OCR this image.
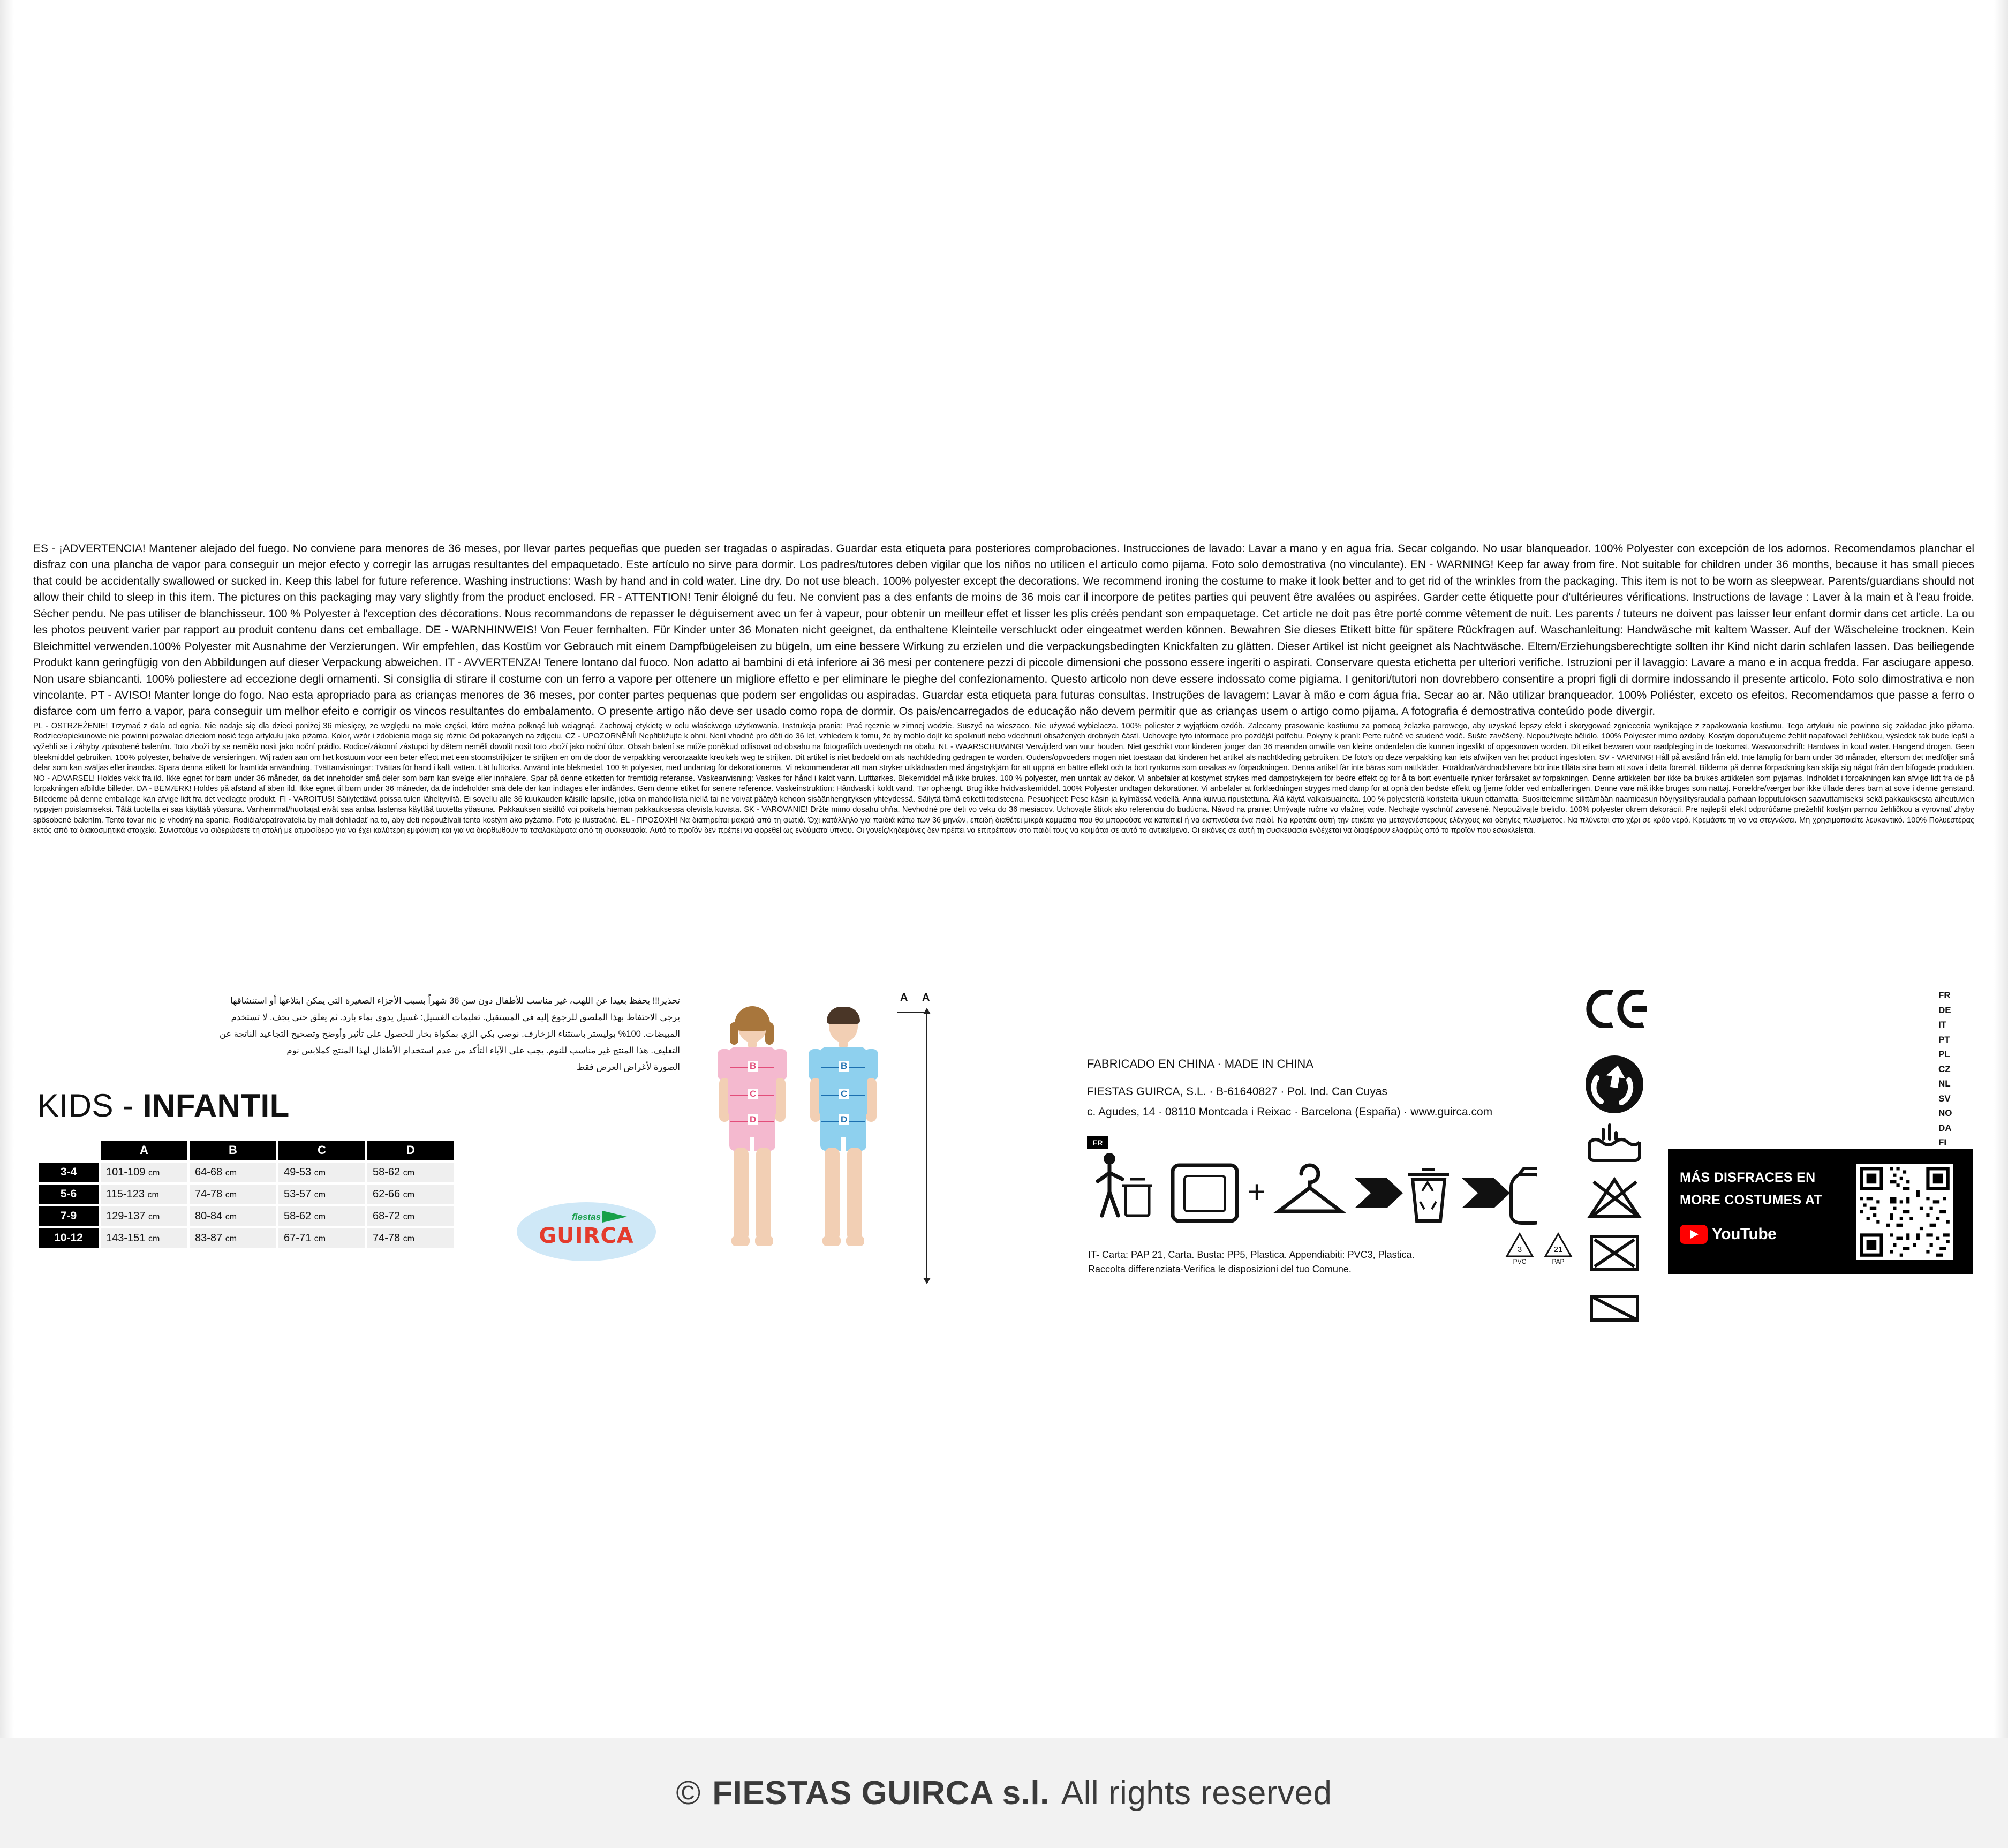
ES - ¡ADVERTENCIA! Mantener alejado del fuego. No conviene para menores de 36 meses, por llevar partes pequeñas que pueden ser tragadas o aspiradas. Guardar esta etiqueta para posteriores comprobaciones. Instrucciones de lavado: Lavar a mano y en agua fría. Secar colgando. No usar blanqueador. 100% Polyester con excepción de los adornos. Recomendamos planchar el disfraz con una plancha de vapor para conseguir un mejor efecto y corregir las arrugas resultantes del empaquetado. Este artículo no sirve para dormir. Los padres/tutores deben vigilar que los niños no utilicen el artículo como pijama. Foto solo demostrativa (no vinculante). EN - WARNING! Keep far away from fire. Not suitable for children under 36 months, because it has small pieces that could be accidentally swallowed or sucked in. Keep this label for future reference. Washing instructions: Wash by hand and in cold water. Line dry. Do not use bleach. 100% polyester except the decorations. We recommend ironing the costume to make it look better and to get rid of the wrinkles from the packaging. This item is not to be worn as sleepwear. Parents/guardians should not allow their child to sleep in this item. The pictures on this packaging may vary slightly from the product enclosed. FR - ATTENTION! Tenir éloigné du feu. Ne convient pas a des enfants de moins de 36 mois car il incorpore de petites parties qui peuvent être avalées ou aspirées. Garder cette étiquette pour d'ultérieures vérifications. Instructions de lavage : Laver à la main et à l'eau froide. Sécher pendu. Ne pas utiliser de blanchisseur. 100 % Polyester à l'exception des décorations. Nous recommandons de repasser le déguisement avec un fer à vapeur, pour obtenir un meilleur effet et lisser les plis créés pendant son empaquetage. Cet article ne doit pas être porté comme vêtement de nuit. Les parents / tuteurs ne doivent pas laisser leur enfant dormir dans cet article. La ou les photos peuvent varier par rapport au produit contenu dans cet emballage. DE - WARNHINWEIS! Von Feuer fernhalten. Für Kinder unter 36 Monaten nicht geeignet, da enthaltene Kleinteile verschluckt oder eingeatmet werden können. Bewahren Sie dieses Etikett bitte für spätere Rückfragen auf. Waschanleitung: Handwäsche mit kaltem Wasser. Auf der Wäscheleine trocknen. Kein Bleichmittel verwenden.100% Polyester mit Ausnahme der Verzierungen. Wir empfehlen, das Kostüm vor Gebrauch mit einem Dampfbügeleisen zu bügeln, um eine bessere Wirkung zu erzielen und die verpackungsbedingten Knickfalten zu glätten. Dieser Artikel ist nicht geeignet als Nachtwäsche. Eltern/Erziehungsberechtigte sollten ihr Kind nicht darin schlafen lassen. Das beiliegende Produkt kann geringfügig von den Abbildungen auf dieser Verpackung abweichen. IT - AVVERTENZA! Tenere lontano dal fuoco. Non adatto ai bambini di età inferiore ai 36 mesi per contenere pezzi di piccole dimensioni che possono essere ingeriti o aspirati. Conservare questa etichetta per ulteriori verifiche. Istruzioni per il lavaggio: Lavare a mano e in acqua fredda. Far asciugare appeso. Non usare sbiancanti. 100% poliestere ad eccezione degli ornamenti. Si consiglia di stirare il costume con un ferro a vapore per ottenere un migliore effetto e per eliminare le pieghe del confezionamento. Questo articolo non deve essere indossato come pigiama. I genitori/tutori non dovrebbero consentire a propri figli di dormire indossando il presente articolo. Foto solo dimostrativa e non vincolante. PT - AVISO! Manter longe do fogo. Nao esta apropriado para as crianças menores de 36 meses, por conter partes pequenas que podem ser engolidas ou aspiradas. Guardar esta etiqueta para futuras consultas. Instruções de lavagem: Lavar à mão e com água fria. Secar ao ar. Não utilizar branqueador. 100% Poliéster, exceto os efeitos. Recomendamos que passe a ferro o disfarce com um ferro a vapor, para conseguir um melhor efeito e corrigir os vincos resultantes do embalamento. O presente artigo não deve ser usado como ropa de dormir. Os pais/encarregados de educação não devem permitir que as crianças usem o artigo como pijama. A fotografia é demostrativa conteúdo pode divergir.

PL - OSTRZEŻENIE! Trzymać z dala od ognia. Nie nadaje się dla dzieci poniżej 36 miesięcy, ze względu na małe części, które można połknąć lub wciągnąć. Zachowaj etykietę w celu właściwego użytkowania. Instrukcja prania: Prać ręcznie w zimnej wodzie. Suszyć na wieszaco. Nie używać wybielacza. 100% poliester z wyjątkiem ozdób. Zalecamy prasowanie kostiumu za pomocą żelazka parowego, aby uzyskać lepszy efekt i skorygować zgniecenia wynikające z zapakowania kostiumu. Tego artykułu nie powinno się zakładac jako piżama. Rodzice/opiekunowie nie powinni pozwalac dzieciom nosić tego artykułu jako piżama. Kolor, wzór i zdobienia moga się różnic Od pokazanych na zdjęciu. CZ - UPOZORNĚNÍ! Nepřibližujte k ohni. Není vhodné pro děti do 36 let, vzhledem k tomu, že by mohlo dojít ke spolknutí nebo vdechnutí obsažených drobných částí. Uchovejte tyto informace pro pozdější potřebu. Pokyny k praní: Perte ručně ve studené vodě. Sušte zavěšený. Nepoužívejte bělidlo. 100% Polyester mimo ozdoby. Kostým doporučujeme žehlit napařovací žehličkou, výsledek tak bude lepší a vyžehlí se i záhyby způsobené balením. Toto zboží by se nemělo nosit jako noční prádlo. Rodice/zákonní zástupci by dětem neměli dovolit nosit toto zboží jako noční úbor. Obsah balení se může poněkud odlisovat od obsahu na fotografiích uvedenych na obalu. NL - WAARSCHUWING! Verwijderd van vuur houden. Niet geschikt voor kinderen jonger dan 36 maanden omwille van kleine onderdelen die kunnen ingeslikt of opgesnoven worden. Dit etiket bewaren voor raadpleging in de toekomst. Wasvoorschrift: Handwas in koud water. Hangend drogen. Geen bleekmiddel gebruiken. 100% polyester, behalve de versieringen. Wij raden aan om het kostuum voor een beter effect met een stoomstrijkijzer te strijken en om de door de verpakking veroorzaakte kreukels weg te strijken. Dit artikel is niet bedoeld om als nachtkleding gedragen te worden. Ouders/opvoeders mogen niet toestaan dat kinderen het artikel als nachtkleding gebruiken. De foto's op deze verpakking kan iets afwijken van het product ingesloten. SV - VARNING! Håll på avstånd från eld. Inte lämplig för barn under 36 månader, eftersom det medföljer små delar som kan sväljas eller inandas. Spara denna etikett för framtida användning. Tvättanvisningar: Tvättas för hand i kallt vatten. Låt lufttorka. Använd inte blekmedel. 100 % polyester, med undantag för dekorationerna. Vi rekommenderar att man stryker utklädnaden med ångstrykjärn för att uppnå en bättre effekt och ta bort rynkorna som orsakas av förpackningen. Denna artikel får inte bäras som nattkläder. Föräldrar/värdnadshavare bör inte tillåta sina barn att sova i detta föremål. Bilderna på denna förpackning kan skilja sig något från den bifogade produkten. NO - ADVARSEL! Holdes vekk fra ild. Ikke egnet for barn under 36 måneder, da det inneholder små deler som barn kan svelge eller innhalere. Spar på denne etiketten for fremtidig referanse. Vaskeanvisning: Vaskes for hånd i kaldt vann. Lufttørkes. Blekemiddel må ikke brukes. 100 % polyester, men unntak av dekor. Vi anbefaler at kostymet strykes med dampstrykejern for bedre effekt og for å ta bort eventuelle rynker forårsaket av forpakningen. Denne artikkelen bør ikke ba brukes artikkelen som pyjamas. Indholdet i forpakningen kan afvige lidt fra de på forpakningen afbildte billeder. DA - BEMÆRK! Holdes på afstand af åben ild. Ikke egnet til børn under 36 måneder, da de indeholder små dele der kan indtages eller indåndes. Gem denne etiket for senere reference. Vaskeinstruktion: Håndvask i koldt vand. Tør ophængt. Brug ikke hvidvaskemiddel. 100% Polyester undtagen dekorationer. Vi anbefaler at forklædningen stryges med damp for at opnå den bedste effekt og fjerne folder ved emballeringen. Denne vare må ikke bruges som nattøj. Forældre/værger bør ikke tillade deres barn at sove i denne genstand. Billederne på denne emballage kan afvige lidt fra det vedlagte produkt. FI - VAROITUS! Säilytettävä poissa tulen läheltyviltä. Ei sovellu alle 36 kuukauden käisille lapsille, jotka on mahdollista niellä tai ne voivat päätyä kehoon sisäänhengityksen yhteydessä. Säilytä tämä etiketti todisteena. Pesuohjeet: Pese käsin ja kylmässä vedellä. Anna kuivua ripustettuna. Älä käytä valkaisuaineita. 100 % polyesteriä koristeita lukuun ottamatta. Suosittelemme silittämään naamioasun höyrysilitysraudalla parhaan lopputuloksen saavuttamiseksi sekä pakkauksesta aiheutuvien ryppyjen poistamiseksi. Tätä tuotetta ei saa käyttää yöasuna. Vanhemmat/huoltajat eivät saa antaa lastensa käyttää tuotetta yöasuna. Pakkauksen sisältö voi poiketa hieman pakkauksessa olevista kuvista. SK - VAROVANIE! Držte mimo dosahu ohňa. Nevhodné pre deti vo veku do 36 mesiacov. Uchovajte štítok ako referenciu do budúcna. Návod na pranie: Umývajte ručne vo vlažnej vode. Nechajte vyschnúť zavesené. Nepoužívajte bielidlo. 100% polyester okrem dekorácií. Pre najlepší efekt odporúčame prežehliť kostým parnou žehličkou a vyrovnať zhyby spôsobené balením. Tento tovar nie je vhodný na spanie. Rodičia/opatrovatelia by mali dohliadať na to, aby deti nepoužívali tento kostým ako pyžamo. Foto je ilustračné. EL - ΠΡΟΣΟΧΗ! Να διατηρείται μακριά από τη φωτιά. Όχι κατάλληλο για παιδιά κάτω των 36 μηνών, επειδή διαθέτει μικρά κομμάτια που θα μπορούσε να καταπιεί ή να εισπνεύσει ένα παιδί. Να κρατάτε αυτή την ετικέτα για μεταγενέστερους ελέγχους και οδηγίες πλυσίματος. Να πλύνεται στο χέρι σε κρύο νερό. Κρεμάστε τη να να στεγνώσει. Μη χρησιμοποιείτε λευκαντικό. 100% Πολυεστέρας εκτός από τα διακοσμητικά στοιχεία. Συνιστούμε να σιδερώσετε τη στολή με ατμοσίδερο για να έχει καλύτερη εμφάνιση και για να διορθωθούν τα τσαλακώματα από τη συσκευασία. Αυτό το προϊόν δεν πρέπει να φορεθεί ως ενδύματα ύπνου. Οι γονείς/κηδεμόνες δεν πρέπει να επιτρέπουν στο παιδί τους να κοιμάται σε αυτό το αντικείμενο. Οι εικόνες σε αυτή τη συσκευασία ενδέχεται να διαφέρουν ελαφρώς από το προϊόν που εσωκλείεται.

تحذير!!! يحفظ بعيدا عن اللهب، غير مناسب للأطفال دون سن 36 شهراً بسبب الأجزاء الصغيرة التي يمكن ابتلاعها أو استنشاقها
يرجى الاحتفاظ بهذا الملصق للرجوع إليه في المستقبل. تعليمات الغسيل: غسيل يدوي بماء بارد. ثم يعلق حتى يجف. لا تستخدم
المبيضات. 100% بوليستر باستثناء الزخارف. نوصي بكي الزي بمكواة بخار للحصول على تأثير وأوضح وتصحيح التجاعيد الناتجة عن
التغليف. هذا المنتج غير مناسب للنوم. يجب على الآباء التأكد من عدم استخدام الأطفال لهذا المنتج كملابس نوم
الصورة لأغراض العرض فقط
KIDS - INFANTIL
	A	B	C	D
3-4	101-109 cm	64-68 cm	49-53 cm	58-62 cm
5-6	115-123 cm	74-78 cm	53-57 cm	62-66 cm
7-9	129-137 cm	80-84 cm	58-62 cm	68-72 cm
10-12	143-151 cm	83-87 cm	67-71 cm	74-78 cm
fiestas
GUIRCA
B
C
D
B
C
D
A
A
FABRICADO EN CHINA · MADE IN CHINA
FIESTAS GUIRCA, S.L. · B-61640827 · Pol. Ind. Can Cuyas
c. Agudes, 14 · 08110 Montcada i Reixac · Barcelona (España) · www.guirca.com
FR
+
3
PVC
21
PAP
IT- Carta: PAP 21, Carta. Busta: PP5, Plastica. Appendiabiti: PVC3, Plastica.
Raccolta differenziata-Verifica le disposizioni del tuo Comune.
FR
DE
IT
PT
PL
CZ
NL
SV
NO
DA
FI
MÁS DISFRACES EN
MORE COSTUMES AT
YouTube
© FIESTAS GUIRCA s.l. All rights reserved
